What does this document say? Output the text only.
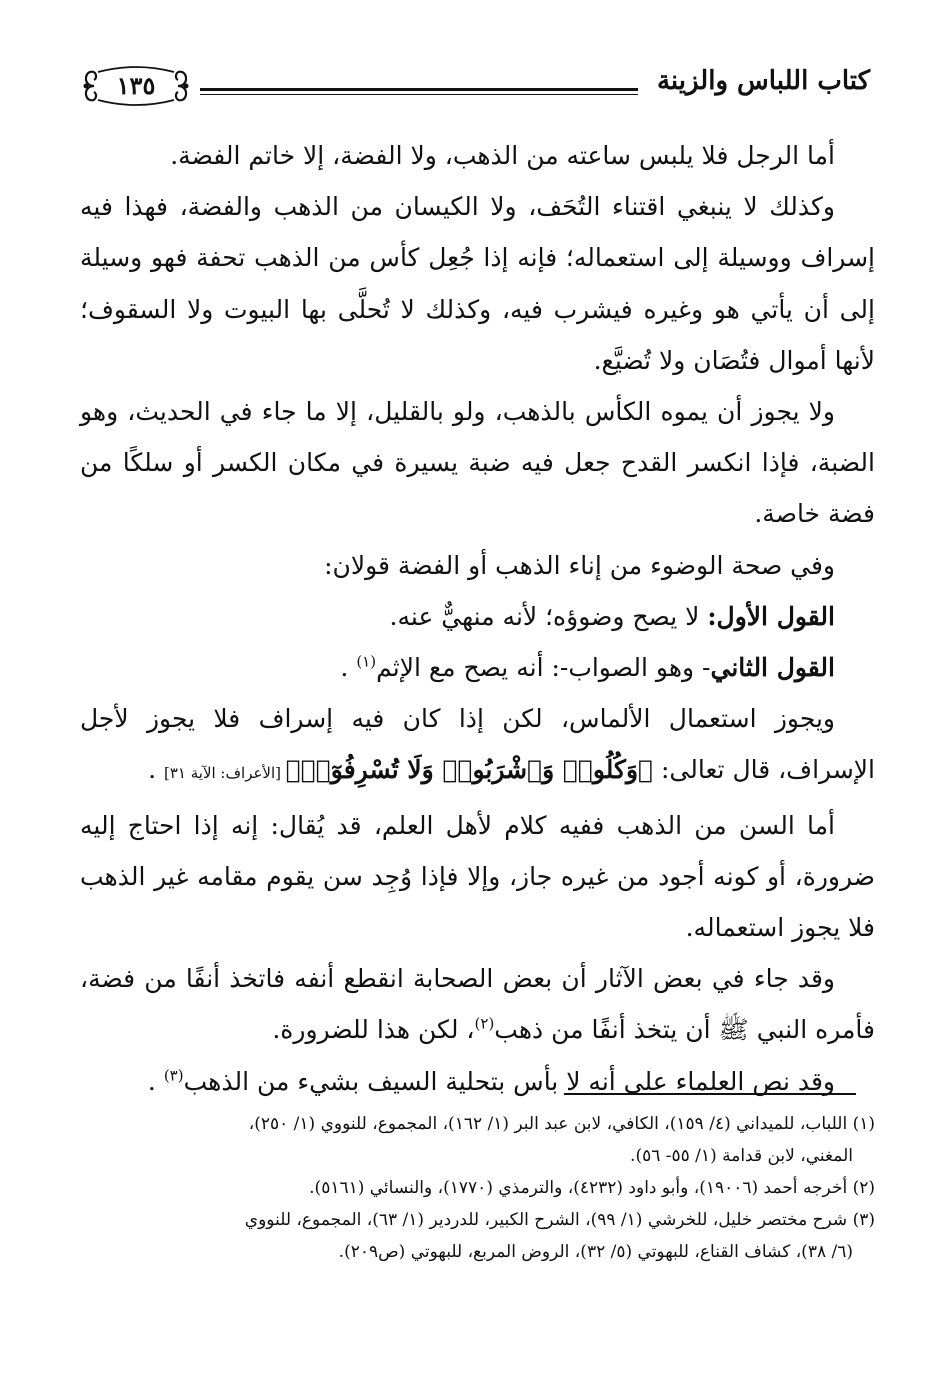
كتاب اللباس والزينة
١٣٥

أما الرجل فلا يلبس ساعته من الذهب، ولا الفضة، إلا خاتم الفضة.

وكذلك لا ينبغي اقتناء التُحَف، ولا الكيسان من الذهب والفضة، فهذا فيه إسراف ووسيلة إلى استعماله؛ فإنه إذا جُعِل كأس من الذهب تحفة فهو وسيلة إلى أن يأتي هو وغيره فيشرب فيه، وكذلك لا تُحلَّى بها البيوت ولا السقوف؛ لأنها أموال فتُصَان ولا تُضيَّع.

ولا يجوز أن يموه الكأس بالذهب، ولو بالقليل، إلا ما جاء في الحديث، وهو الضبة، فإذا انكسر القدح جعل فيه ضبة يسيرة في مكان الكسر أو سلكًا من فضة خاصة.

وفي صحة الوضوء من إناء الذهب أو الفضة قولان:

القول الأول: لا يصح وضوؤه؛ لأنه منهيٌّ عنه.

القول الثاني- وهو الصواب-: أنه يصح مع الإثم$^{(١)}$ .

ويجوز استعمال الألماس، لكن إذا كان فيه إسراف فلا يجوز لأجل الإسراف، قال تعالى: ﴿وَكُلُوا۟ وَٱشْرَبُوا۟ وَلَا تُسْرِفُوٓا۟﴾ [الأعراف: الآية ٣١] .

أما السن من الذهب ففيه كلام لأهل العلم، قد يُقال: إنه إذا احتاج إليه ضرورة، أو كونه أجود من غيره جاز، وإلا فإذا وُجِد سن يقوم مقامه غير الذهب فلا يجوز استعماله.

وقد جاء في بعض الآثار أن بعض الصحابة انقطع أنفه فاتخذ أنفًا من فضة، فأمره النبي ﷺ أن يتخذ أنفًا من ذهب$^{(٢)}$، لكن هذا للضرورة.

وقد نص العلماء على أنه لا بأس بتحلية السيف بشيء من الذهب$^{(٣)}$ .

(١) اللباب، للميداني (٤/ ١٥٩)، الكافي، لابن عبد البر (١/ ١٦٢)، المجموع، للنووي (١/ ٢٥٠)،

المغني، لابن قدامة (١/ ٥٥- ٥٦).

(٢) أخرجه أحمد (١٩٠٠٦)، وأبو داود (٤٢٣٢)، والترمذي (١٧٧٠)، والنسائي (٥١٦١).

(٣) شرح مختصر خليل، للخرشي (١/ ٩٩)، الشرح الكبير، للدردير (١/ ٦٣)، المجموع، للنووي

(٦/ ٣٨)، كشاف القناع، للبهوتي (٥/ ٣٢)، الروض المربع، للبهوتي (ص٢٠٩).
